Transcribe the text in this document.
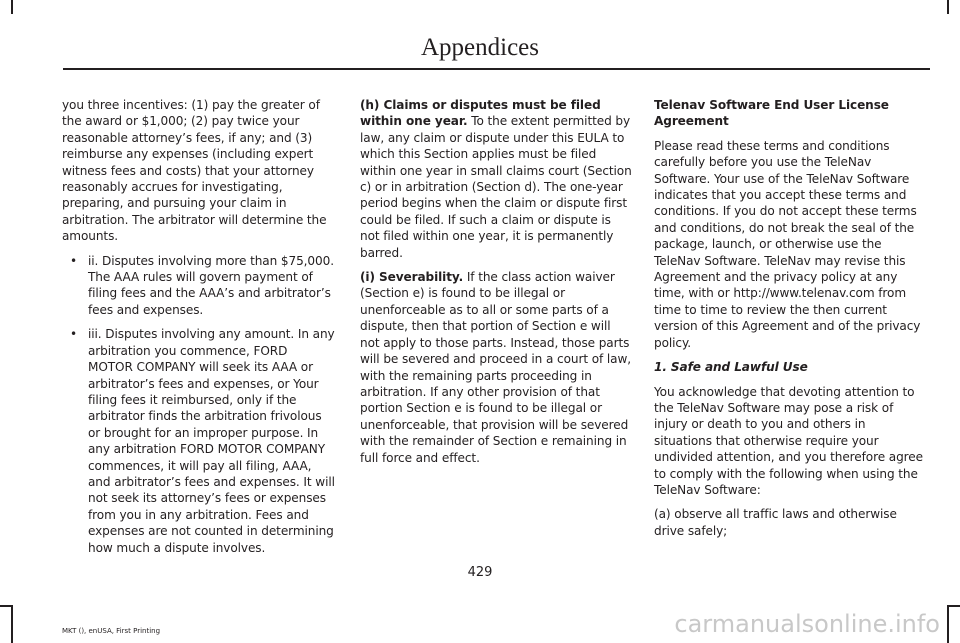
Appendices

you three incentives: (1) pay the greater of the award or $1,000; (2) pay twice your reasonable attorney’s fees, if any; and (3) reimburse any expenses (including expert witness fees and costs) that your attorney reasonably accrues for investigating, preparing, and pursuing your claim in arbitration. The arbitrator will determine the amounts.

• ii. Disputes involving more than $75,000. The AAA rules will govern payment of filing fees and the AAA’s and arbitrator’s fees and expenses.
• iii. Disputes involving any amount. In any arbitration you commence, FORD MOTOR COMPANY will seek its AAA or arbitrator’s fees and expenses, or Your filing fees it reimbursed, only if the arbitrator finds the arbitration frivolous or brought for an improper purpose. In any arbitration FORD MOTOR COMPANY commences, it will pay all filing, AAA, and arbitrator’s fees and expenses. It will not seek its attorney’s fees or expenses from you in any arbitration. Fees and expenses are not counted in determining how much a dispute involves.

(h) Claims or disputes must be filed within one year. To the extent permitted by law, any claim or dispute under this EULA to which this Section applies must be filed within one year in small claims court (Section c) or in arbitration (Section d). The one-year period begins when the claim or dispute first could be filed. If such a claim or dispute is not filed within one year, it is permanently barred.

(i) Severability. If the class action waiver (Section e) is found to be illegal or unenforceable as to all or some parts of a dispute, then that portion of Section e will not apply to those parts. Instead, those parts will be severed and proceed in a court of law, with the remaining parts proceeding in arbitration. If any other provision of that portion Section e is found to be illegal or unenforceable, that provision will be severed with the remainder of Section e remaining in full force and effect.

Telenav Software End User License Agreement

Please read these terms and conditions carefully before you use the TeleNav Software. Your use of the TeleNav Software indicates that you accept these terms and conditions. If you do not accept these terms and conditions, do not break the seal of the package, launch, or otherwise use the TeleNav Software. TeleNav may revise this Agreement and the privacy policy at any time, with or http://www.telenav.com from time to time to review the then current version of this Agreement and of the privacy policy.

1. Safe and Lawful Use

You acknowledge that devoting attention to the TeleNav Software may pose a risk of injury or death to you and others in situations that otherwise require your undivided attention, and you therefore agree to comply with the following when using the TeleNav Software:

(a) observe all traffic laws and otherwise drive safely;

429
MKT (), enUSA, First Printing	carmanualsonline.info
